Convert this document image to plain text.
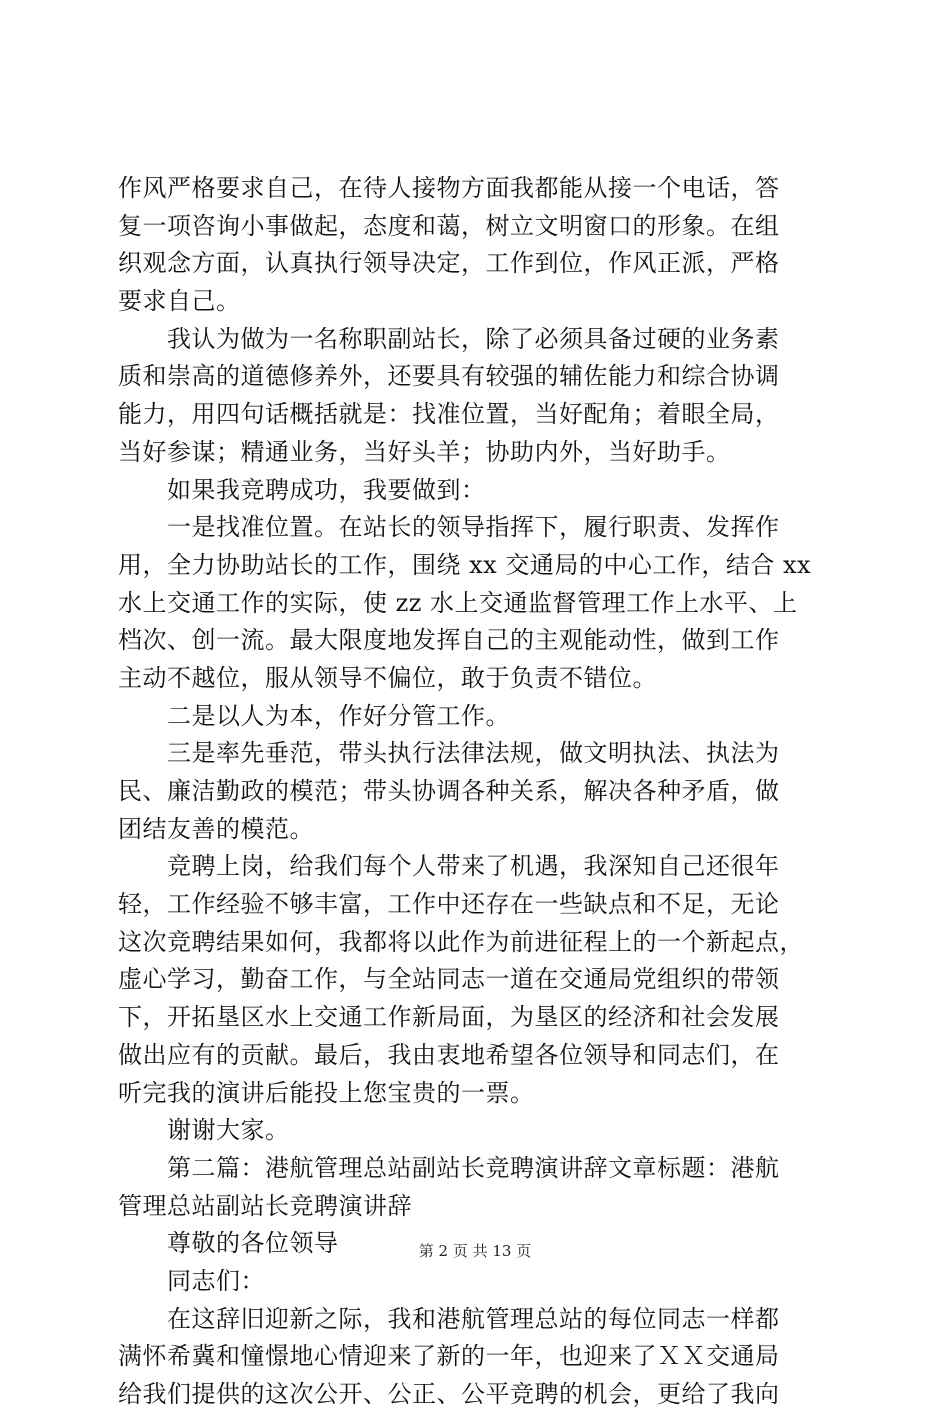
作风严格要求自己，在待人接物方面我都能从接一个电话，答
复一项咨询小事做起，态度和蔼，树立文明窗口的形象。在组
织观念方面，认真执行领导决定，工作到位，作风正派，严格
要求自己。
　　我认为做为一名称职副站长，除了必须具备过硬的业务素
质和崇高的道德修养外，还要具有较强的辅佐能力和综合协调
能力，用四句话概括就是：找准位置，当好配角；着眼全局，
当好参谋；精通业务，当好头羊；协助内外，当好助手。
　　如果我竞聘成功，我要做到：
　　一是找准位置。在站长的领导指挥下，履行职责、发挥作
用，全力协助站长的工作，围绕 xx 交通局的中心工作，结合 xx
水上交通工作的实际，使 zz 水上交通监督管理工作上水平、上
档次、创一流。最大限度地发挥自己的主观能动性，做到工作
主动不越位，服从领导不偏位，敢于负责不错位。
　　二是以人为本，作好分管工作。
　　三是率先垂范，带头执行法律法规，做文明执法、执法为
民、廉洁勤政的模范；带头协调各种关系，解决各种矛盾，做
团结友善的模范。
　　竞聘上岗，给我们每个人带来了机遇，我深知自己还很年
轻，工作经验不够丰富，工作中还存在一些缺点和不足，无论
这次竞聘结果如何，我都将以此作为前进征程上的一个新起点，
虚心学习，勤奋工作，与全站同志一道在交通局党组织的带领
下，开拓垦区水上交通工作新局面，为垦区的经济和社会发展
做出应有的贡献。最后，我由衷地希望各位领导和同志们，在
听完我的演讲后能投上您宝贵的一票。
　　谢谢大家。
　　第二篇：港航管理总站副站长竞聘演讲辞文章标题：港航
管理总站副站长竞聘演讲辞
　　尊敬的各位领导
　　同志们：
　　在这辞旧迎新之际，我和港航管理总站的每位同志一样都
满怀希冀和憧憬地心情迎来了新的一年，也迎来了ＸＸ交通局
给我们提供的这次公开、公正、公平竞聘的机会，更给了我向
第 2 页 共 13 页
